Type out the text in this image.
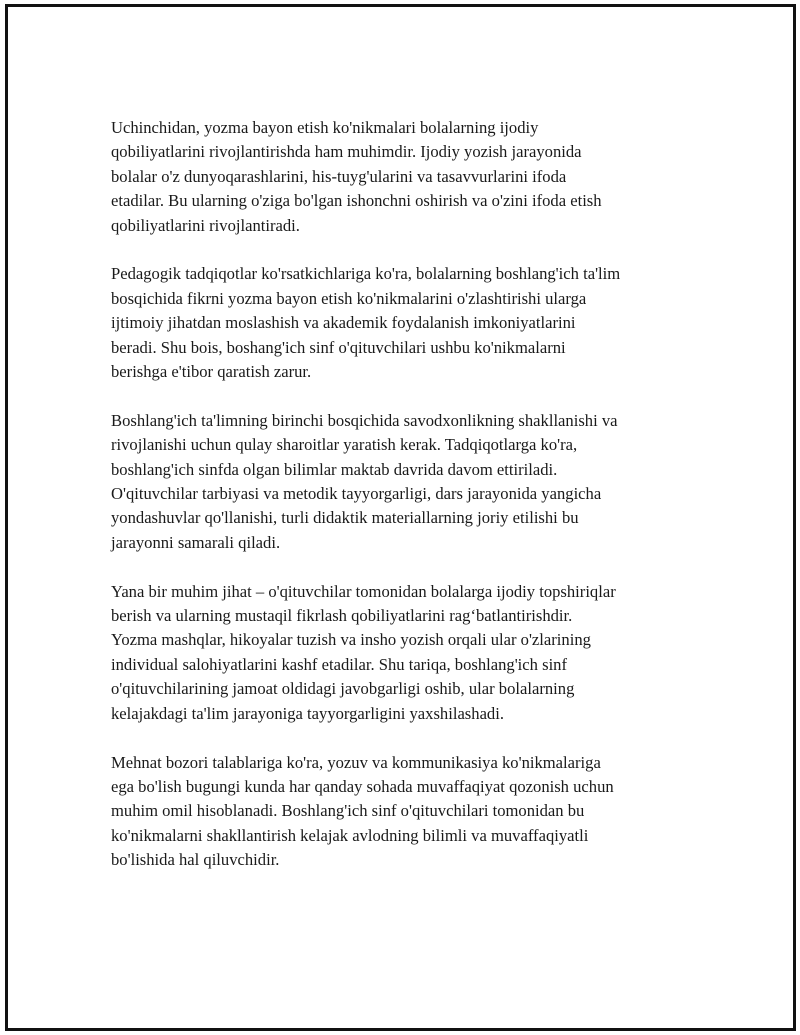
Uchinchidan, yozma bayon etish ko'nikmalari bolalarning ijodiy
qobiliyatlarini rivojlantirishda ham muhimdir. Ijodiy yozish jarayonida
bolalar o'z dunyoqarashlarini, his-tuyg'ularini va tasavvurlarini ifoda
etadilar. Bu ularning o'ziga bo'lgan ishonchni oshirish va o'zini ifoda etish
qobiliyatlarini rivojlantiradi.

Pedagogik tadqiqotlar ko'rsatkichlariga ko'ra, bolalarning boshlang'ich ta'lim
bosqichida fikrni yozma bayon etish ko'nikmalarini o'zlashtirishi ularga
ijtimoiy jihatdan moslashish va akademik foydalanish imkoniyatlarini
beradi. Shu bois, boshang'ich sinf o'qituvchilari ushbu ko'nikmalarni
berishga e'tibor qaratish zarur.

Boshlang'ich ta'limning birinchi bosqichida savodxonlikning shakllanishi va
rivojlanishi uchun qulay sharoitlar yaratish kerak. Tadqiqotlarga ko'ra,
boshlang'ich sinfda olgan bilimlar maktab davrida davom ettiriladi.
O'qituvchilar tarbiyasi va metodik tayyorgarligi, dars jarayonida yangicha
yondashuvlar qo'llanishi, turli didaktik materiallarning joriy etilishi bu
jarayonni samarali qiladi.

Yana bir muhim jihat – o'qituvchilar tomonidan bolalarga ijodiy topshiriqlar
berish va ularning mustaqil fikrlash qobiliyatlarini rag‘batlantirishdir.
Yozma mashqlar, hikoyalar tuzish va insho yozish orqali ular o'zlarining
individual salohiyatlarini kashf etadilar. Shu tariqa, boshlang'ich sinf
o'qituvchilarining jamoat oldidagi javobgarligi oshib, ular bolalarning
kelajakdagi ta'lim jarayoniga tayyorgarligini yaxshilashadi.

Mehnat bozori talablariga ko'ra, yozuv va kommunikasiya ko'nikmalariga
ega bo'lish bugungi kunda har qanday sohada muvaffaqiyat qozonish uchun
muhim omil hisoblanadi. Boshlang'ich sinf o'qituvchilari tomonidan bu
ko'nikmalarni shakllantirish kelajak avlodning bilimli va muvaffaqiyatli
bo'lishida hal qiluvchidir.
